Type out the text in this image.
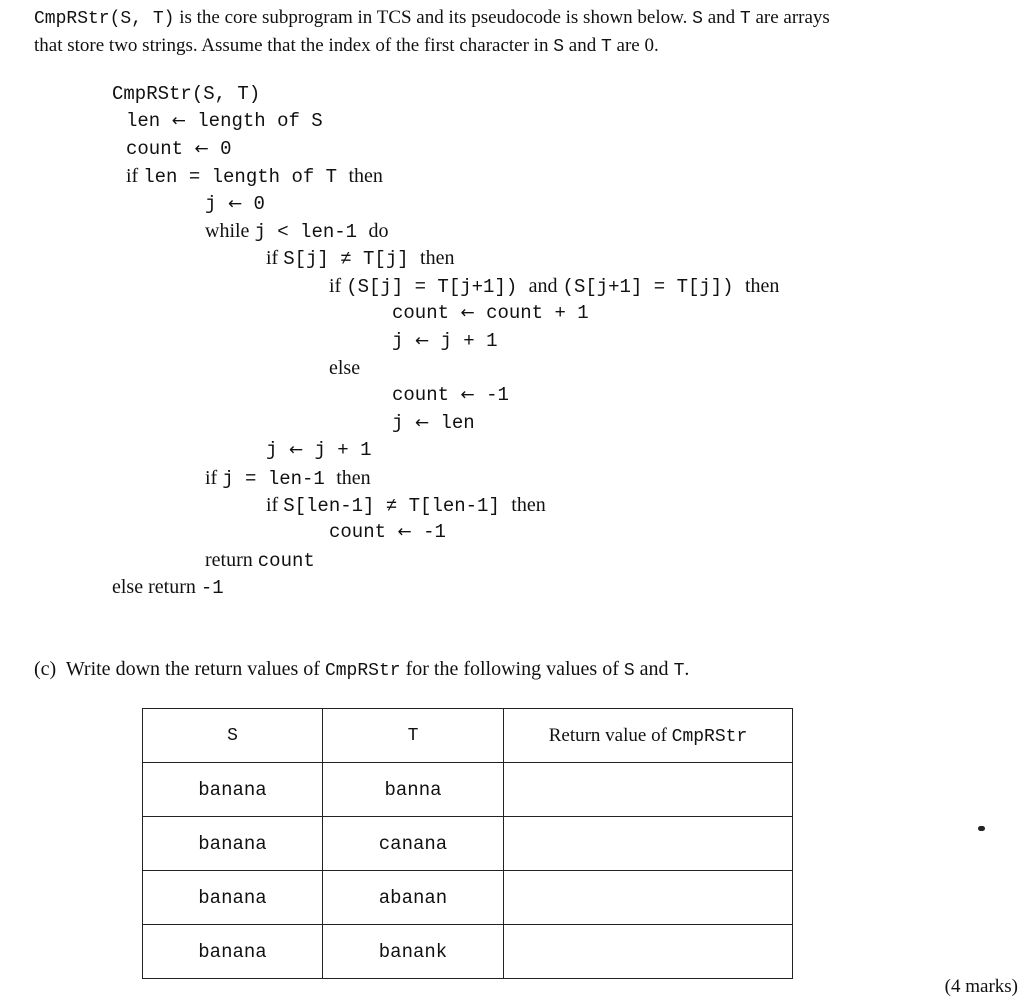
CmpRStr(S, T) is the core subprogram in TCS and its pseudocode is shown below. S and T are arrays
that store two strings. Assume that the index of the first character in S and T are 0.
CmpRStr(S, T)
len ← length of S
count ← 0
if len = length of T then
j ← 0
while j < len-1 do
if S[j] ≠ T[j] then
if (S[j] = T[j+1]) and (S[j+1] = T[j]) then
count ← count + 1
j ← j + 1
else
count ← -1
j ← len
j ← j + 1
if j = len-1 then
if S[len-1] ≠ T[len-1] then
count ← -1
return count
else return -1
(c)  Write down the return values of CmpRStr for the following values of S and T.
S	T	Return value of CmpRStr
banana	banna	
banana	canana	
banana	abanan	
banana	banank	
(4 marks)
